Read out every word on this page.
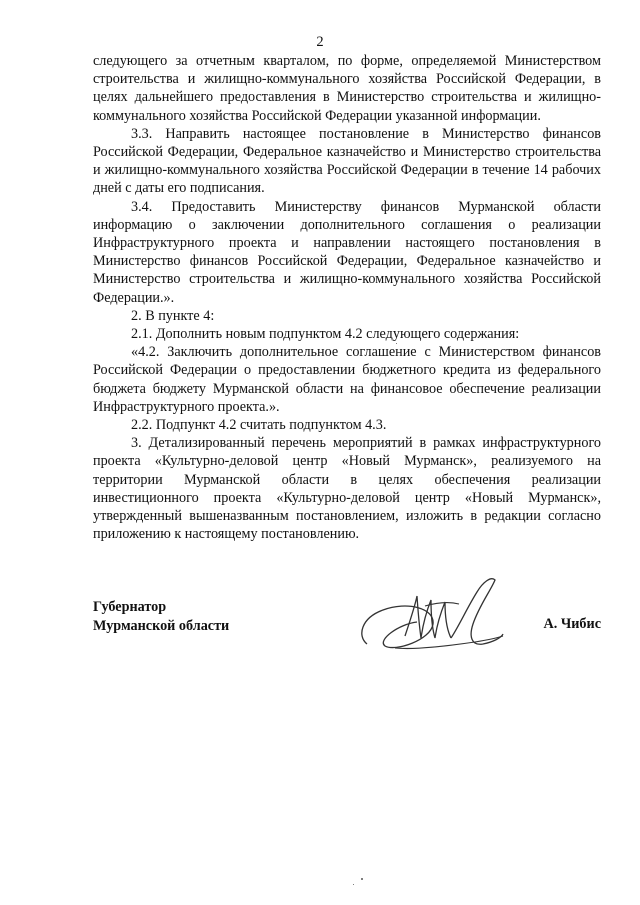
2

следующего за отчетным кварталом, по форме, определяемой Министерством строительства и жилищно-коммунального хозяйства Российской Федерации, в целях дальнейшего предоставления в Министерство строительства и жилищно-коммунального хозяйства Российской Федерации указанной информации.

3.3. Направить настоящее постановление в Министерство финансов Российской Федерации, Федеральное казначейство и Министерство строительства и жилищно-коммунального хозяйства Российской Федерации в течение 14 рабочих дней с даты его подписания.

3.4. Предоставить Министерству финансов Мурманской области информацию о заключении дополнительного соглашения о реализации Инфраструктурного проекта и направлении настоящего постановления в Министерство финансов Российской Федерации, Федеральное казначейство и Министерство строительства и жилищно-коммунального хозяйства Российской Федерации.».

2. В пункте 4:

2.1. Дополнить новым подпунктом 4.2 следующего содержания:

«4.2. Заключить дополнительное соглашение с Министерством финансов Российской Федерации о предоставлении бюджетного кредита из федерального бюджета бюджету Мурманской области на финансовое обеспечение реализации Инфраструктурного проекта.».

2.2. Подпункт 4.2 считать подпунктом 4.3.

3. Детализированный перечень мероприятий в рамках инфраструктурного проекта «Культурно-деловой центр «Новый Мурманск», реализуемого на территории Мурманской области в целях обеспечения реализации инвестиционного проекта «Культурно-деловой центр «Новый Мурманск», утвержденный вышеназванным постановлением, изложить в редакции согласно приложению к настоящему постановлению.

Губернатор
Мурманской области	А. Чибис
